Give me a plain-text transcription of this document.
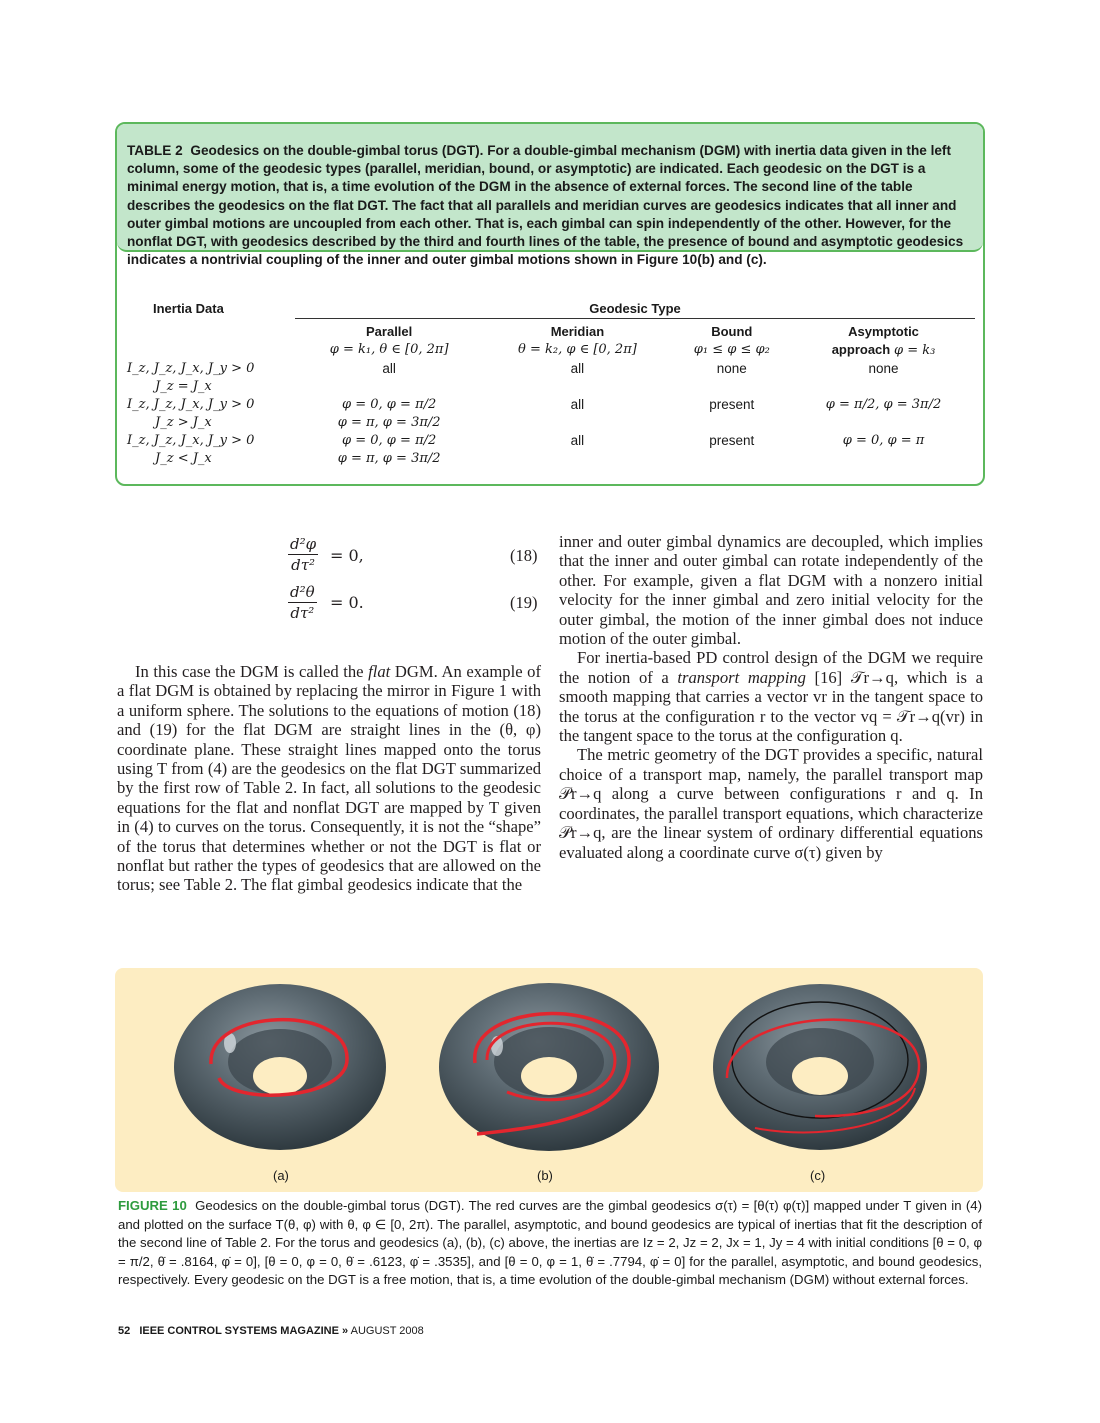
TABLE 2 Geodesics on the double-gimbal torus (DGT). For a double-gimbal mechanism (DGM) with inertia data given in the left column, some of the geodesic types (parallel, meridian, bound, or asymptotic) are indicated. Each geodesic on the DGT is a minimal energy motion, that is, a time evolution of the DGM in the absence of external forces. The second line of the table describes the geodesics on the flat DGT. The fact that all parallels and meridian curves are geodesics indicates that all inner and outer gimbal motions are uncoupled from each other. That is, each gimbal can spin independently of the other. However, for the nonflat DGT, with geodesics described by the third and fourth lines of the table, the presence of bound and asymptotic geodesics indicates a nontrivial coupling of the inner and outer gimbal motions shown in Figure 10(b) and (c).
Inertia Data	Geodesic Type			
	Parallel	Meridian	Bound	Asymptotic
	φ = k₁, θ ∈ [0, 2π]	θ = k₂, φ ∈ [0, 2π]	φ₁ ≤ φ ≤ φ₂	approach φ = k₃
I_z, J_z, J_x, J_y > 0	all	all	none	none
J_z = J_x				
I_z, J_z, J_x, J_y > 0	φ = 0, φ = π/2	all	present	φ = π/2, φ = 3π/2
J_z > J_x	φ = π, φ = 3π/2			
I_z, J_z, J_x, J_y > 0	φ = 0, φ = π/2	all	present	φ = 0, φ = π
J_z < J_x	φ = π, φ = 3π/2			
$\frac{\text{d²φ}}{\text{dτ²}} = 0$,	(18)
$\frac{\text{d²θ}}{\text{dτ²}} = 0$.	(19)

In this case the DGM is called the flat DGM. An example of a flat DGM is obtained by replacing the mirror in Figure 1 with a uniform sphere. The solutions to the equations of motion (18) and (19) for the flat DGM are straight lines in the (θ, φ) coordinate plane. These straight lines mapped onto the torus using T from (4) are the geodesics on the flat DGT summarized by the first row of Table 2. In fact, all solutions to the geodesic equations for the flat and nonflat DGT are mapped by T given in (4) to curves on the torus. Consequently, it is not the “shape” of the torus that determines whether or not the DGT is flat or nonflat but rather the types of geodesics that are allowed on the torus; see Table 2. The flat gimbal geodesics indicate that the

inner and outer gimbal dynamics are decoupled, which implies that the inner and outer gimbal can rotate independently of the other. For example, given a flat DGM with a nonzero initial velocity for the inner gimbal and zero initial velocity for the outer gimbal, the motion of the inner gimbal does not induce motion of the outer gimbal.

For inertia-based PD control design of the DGM we require the notion of a transport mapping [16] 𝒯r→q, which is a smooth mapping that carries a vector vr in the tangent space to the torus at the configuration r to the vector vq = 𝒯r→q(vr) in the tangent space to the torus at the configuration q.

The metric geometry of the DGT provides a specific, natural choice of a transport map, namely, the parallel transport map 𝒫r→q along a curve between configurations r and q. In coordinates, the parallel transport equations, which characterize 𝒫r→q, are the linear system of ordinary differential equations evaluated along a coordinate curve σ(τ) given by

(a)	(b)	(c)
FIGURE 10 Geodesics on the double-gimbal torus (DGT). The red curves are the gimbal geodesics σ(τ) = [θ(τ) φ(τ)] mapped under T given in (4) and plotted on the surface T(θ, φ) with θ, φ ∈ [0, 2π). The parallel, asymptotic, and bound geodesics are typical of inertias that fit the description of the second line of Table 2. For the torus and geodesics (a), (b), (c) above, the inertias are Iz = 2, Jz = 2, Jx = 1, Jy = 4 with initial conditions [θ = 0, φ = π/2, θ̇ = .8164, φ̇ = 0], [θ = 0, φ = 0, θ̇ = .6123, φ̇ = .3535], and [θ = 0, φ = 1, θ̇ = .7794, φ̇ = 0] for the parallel, asymptotic, and bound geodesics, respectively. Every geodesic on the DGT is a free motion, that is, a time evolution of the double-gimbal mechanism (DGM) without external forces.
52 IEEE CONTROL SYSTEMS MAGAZINE » AUGUST 2008
